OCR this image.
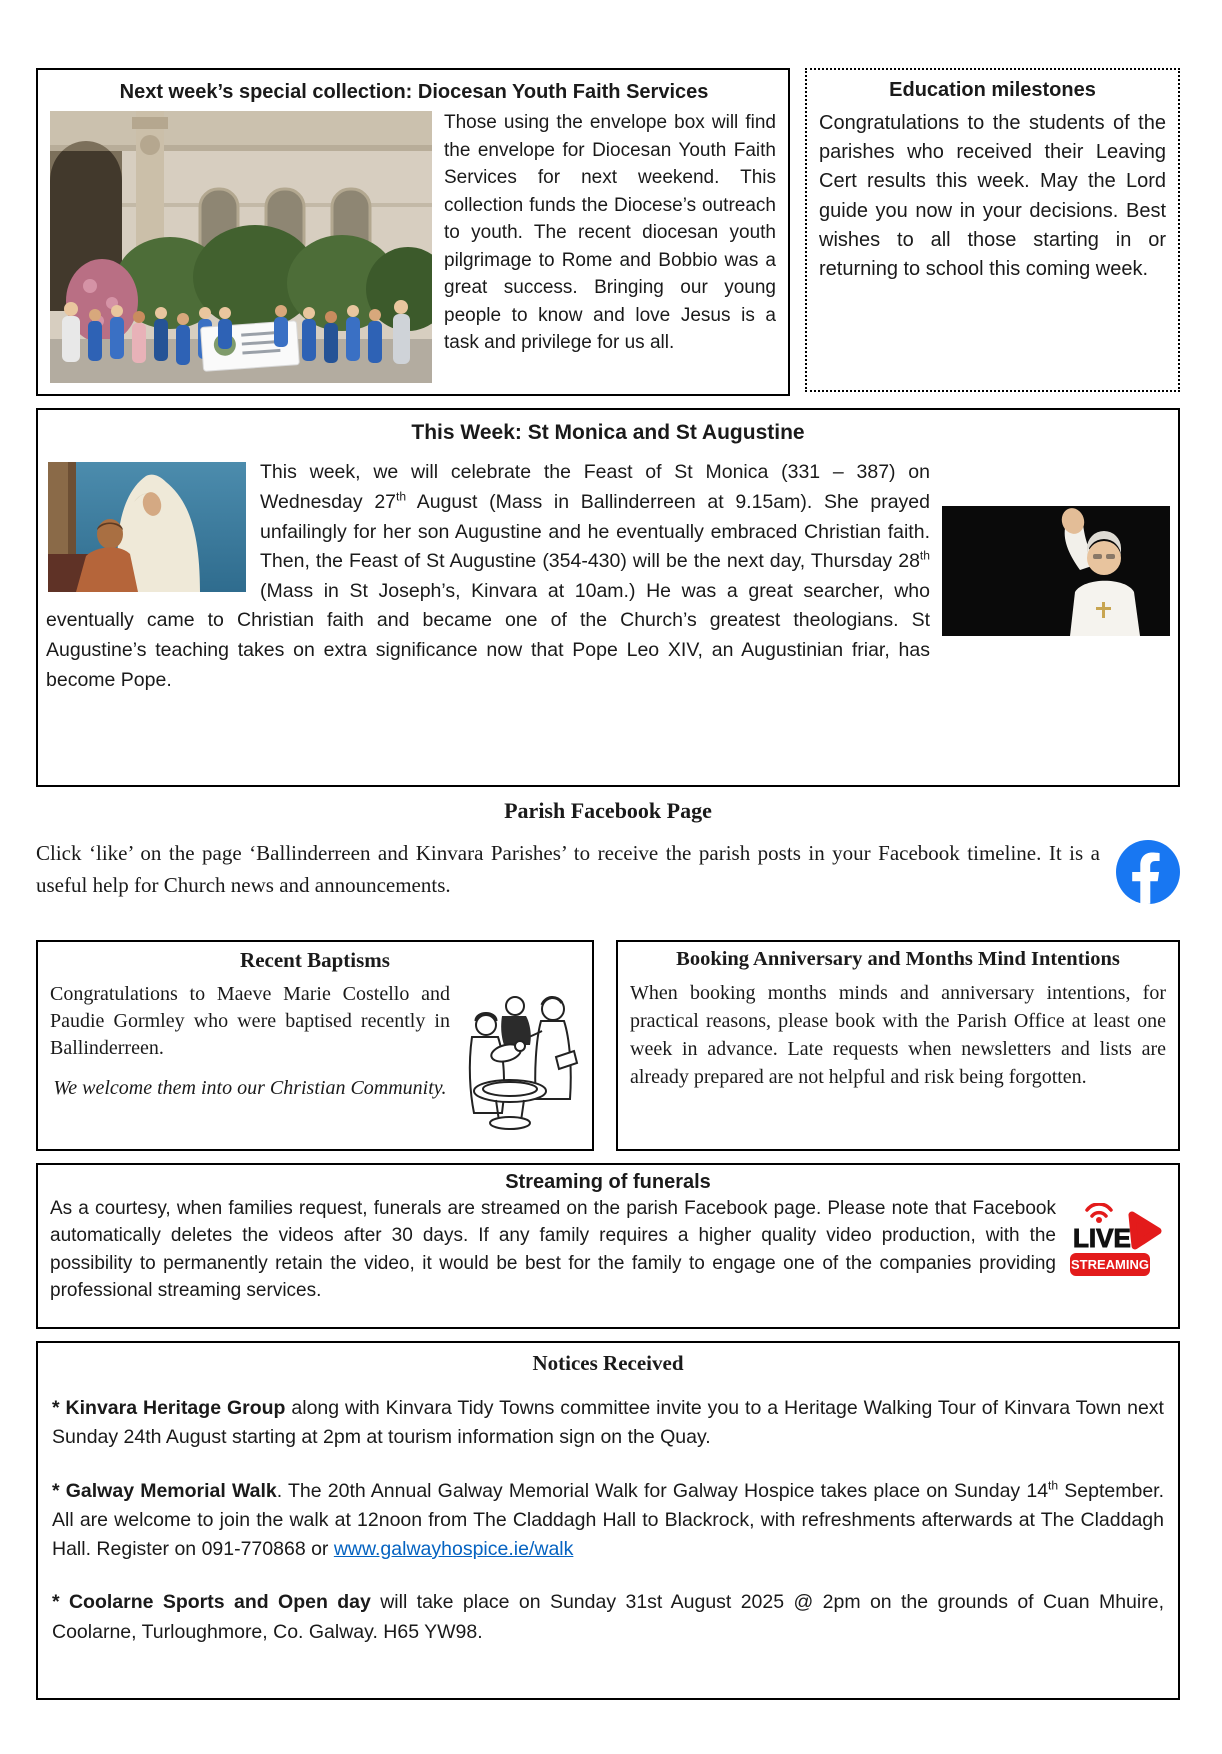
Next week’s special collection: Diocesan Youth Faith Services
Those using the envelope box will find the envelope for Diocesan Youth Faith Services for next weekend. This collection funds the Diocese’s outreach to youth. The recent diocesan youth pilgrimage to Rome and Bobbio was a great success. Bringing our young people to know and love Jesus is a task and privilege for us all.
Education milestones
Congratulations to the students of the parishes who received their Leaving Cert results this week. May the Lord guide you now in your decisions. Best wishes to all those starting in or returning to school this coming week.
This Week: St Monica and St Augustine
This week, we will celebrate the Feast of St Monica (331 – 387) on Wednesday 27th August (Mass in Ballinderreen at 9.15am). She prayed unfailingly for her son Augustine and he eventually embraced Christian faith. Then, the Feast of St Augustine (354-430) will be the next day, Thursday 28th (Mass in St Joseph’s, Kinvara at 10am.) He was a great searcher, who eventually came to Christian faith and became one of the Church’s greatest theologians. St Augustine’s teaching takes on extra significance now that Pope Leo XIV, an Augustinian friar, has become Pope.
Parish Facebook Page
Click ‘like’ on the page ‘Ballinderreen and Kinvara Parishes’ to receive the parish posts in your Facebook timeline. It is a useful help for Church news and announcements.
Recent Baptisms
Congratulations to Maeve Marie Costello and Paudie Gormley who were baptised recently in Ballinderreen.
We welcome them into our Christian Community.
Booking Anniversary and Months Mind Intentions
When booking months minds and anniversary intentions, for practical reasons, please book with the Parish Office at least one week in advance. Late requests when newsletters and lists are already prepared are not helpful and risk being forgotten.
Streaming of funerals
LIVE
STREAMING
As a courtesy, when families request, funerals are streamed on the parish Facebook page. Please note that Facebook automatically deletes the videos after 30 days. If any family requires a higher quality video production, with the possibility to permanently retain the video, it would be best for the family to engage one of the companies providing professional streaming services.
Notices Received

* Kinvara Heritage Group along with Kinvara Tidy Towns committee invite you to a Heritage Walking Tour of Kinvara Town next Sunday 24th August starting at 2pm at tourism information sign on the Quay.

* Galway Memorial Walk. The 20th Annual Galway Memorial Walk for Galway Hospice takes place on Sunday 14th September. All are welcome to join the walk at 12noon from The Claddagh Hall to Blackrock, with refreshments afterwards at The Claddagh Hall. Register on 091-770868 or www.galwayhospice.ie/walk

* Coolarne Sports and Open day will take place on Sunday 31st August 2025 @ 2pm on the grounds of Cuan Mhuire, Coolarne, Turloughmore, Co. Galway. H65 YW98.
